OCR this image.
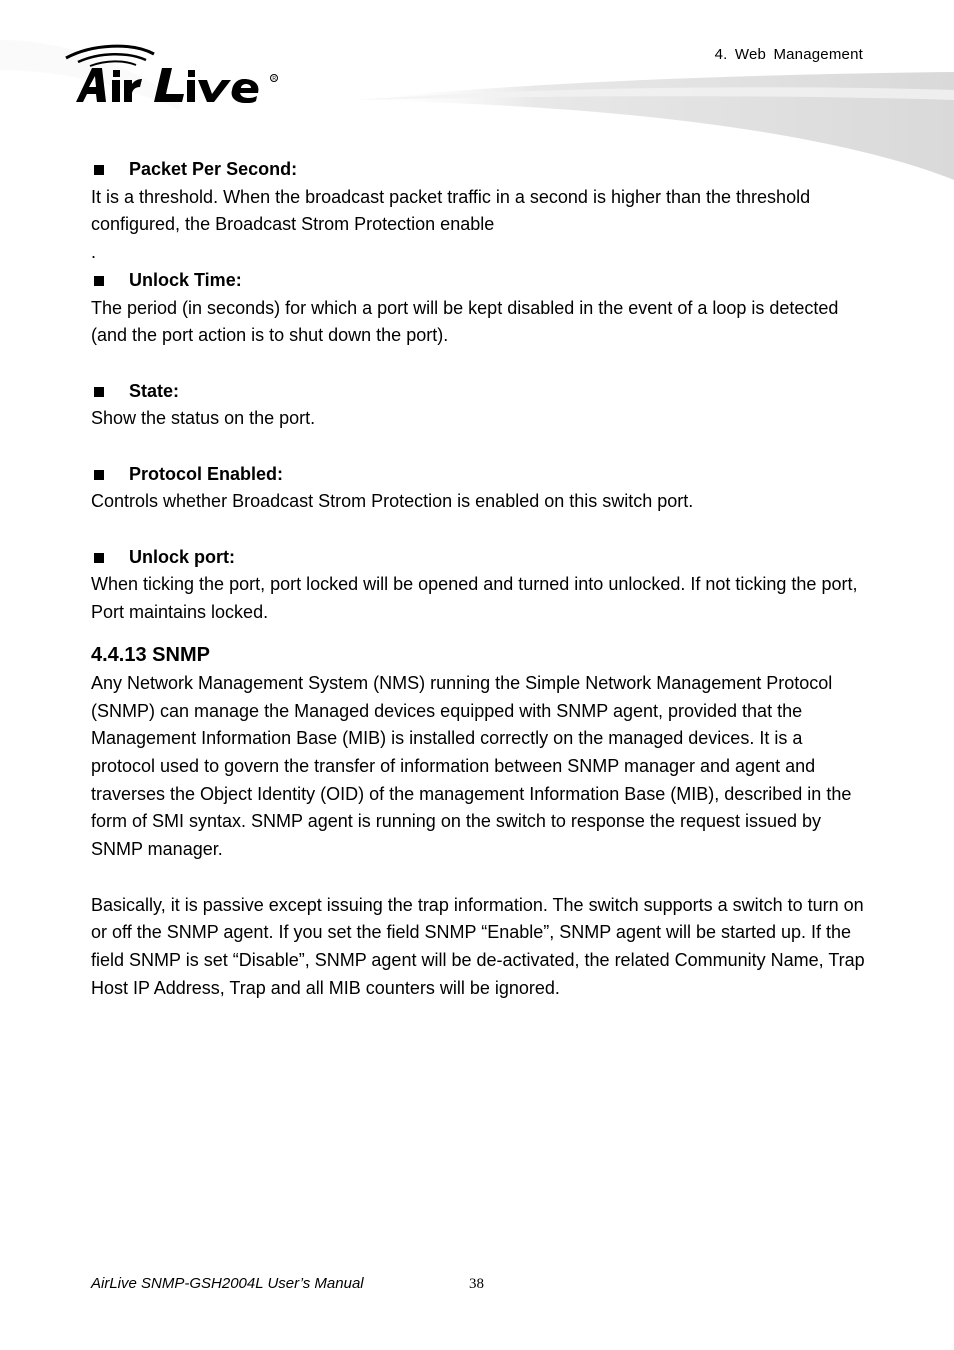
R
4. Web Management
Packet Per Second:

It is a threshold. When the broadcast packet traffic in a second is higher than the threshold configured, the Broadcast Strom Protection enable

.
Unlock Time:

The period (in seconds) for which a port will be kept disabled in the event of a loop is detected (and the port action is to shut down the port).

State:

Show the status on the port.

Protocol Enabled:

Controls whether Broadcast Strom Protection is enabled on this switch port.

Unlock port:

When ticking the port, port locked will be opened and turned into unlocked. If not ticking the port, Port maintains locked.

4.4.13 SNMP

Any Network Management System (NMS) running the Simple Network Management Protocol (SNMP) can manage the Managed devices equipped with SNMP agent, provided that the Management Information Base (MIB) is installed correctly on the managed devices. It is a protocol used to govern the transfer of information between SNMP manager and agent and traverses the Object Identity (OID) of the management Information Base (MIB), described in the form of SMI syntax. SNMP agent is running on the switch to response the request issued by SNMP manager.

Basically, it is passive except issuing the trap information. The switch supports a switch to turn on or off the SNMP agent. If you set the field SNMP “Enable”, SNMP agent will be started up. If the field SNMP is set “Disable”, SNMP agent will be de-activated, the related Community Name, Trap Host IP Address, Trap and all MIB counters will be ignored.

AirLive SNMP-GSH2004L User’s Manual	38
